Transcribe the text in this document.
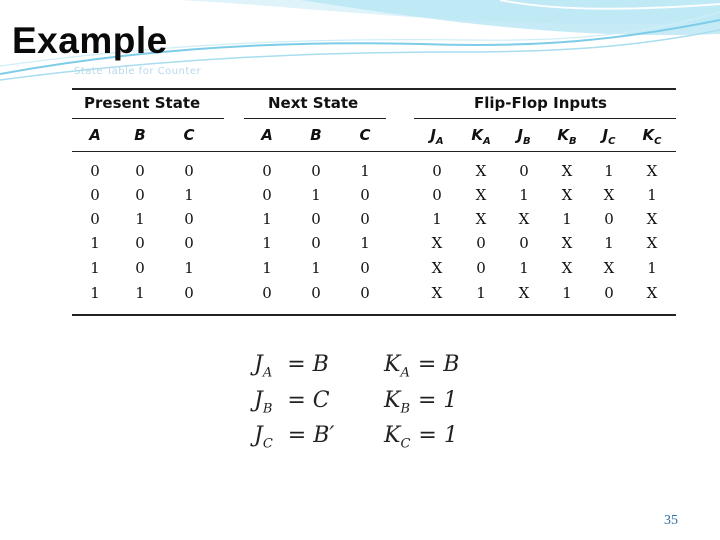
Example
State Table for Counter
Present State	Next State	Flip-Flop Inputs
A	B	C	A	B	C	$J_A$	$K_A$	$J_B$	$K_B$	$J_C$	$K_C$
0	0	0	0	0	1	0	X	0	X	1	X
0	0	1	0	1	0	0	X	1	X	X	1
0	1	0	1	0	0	1	X	X	1	0	X
1	0	0	1	0	1	X	0	0	X	1	X
1	0	1	1	1	0	X	0	1	X	X	1
1	1	0	0	0	0	X	1	X	1	0	X
$J_A = B$	$K_A = B$
$J_B = C$ $K_B = 1$
$J_C = B'$ $K_C = 1$
35
